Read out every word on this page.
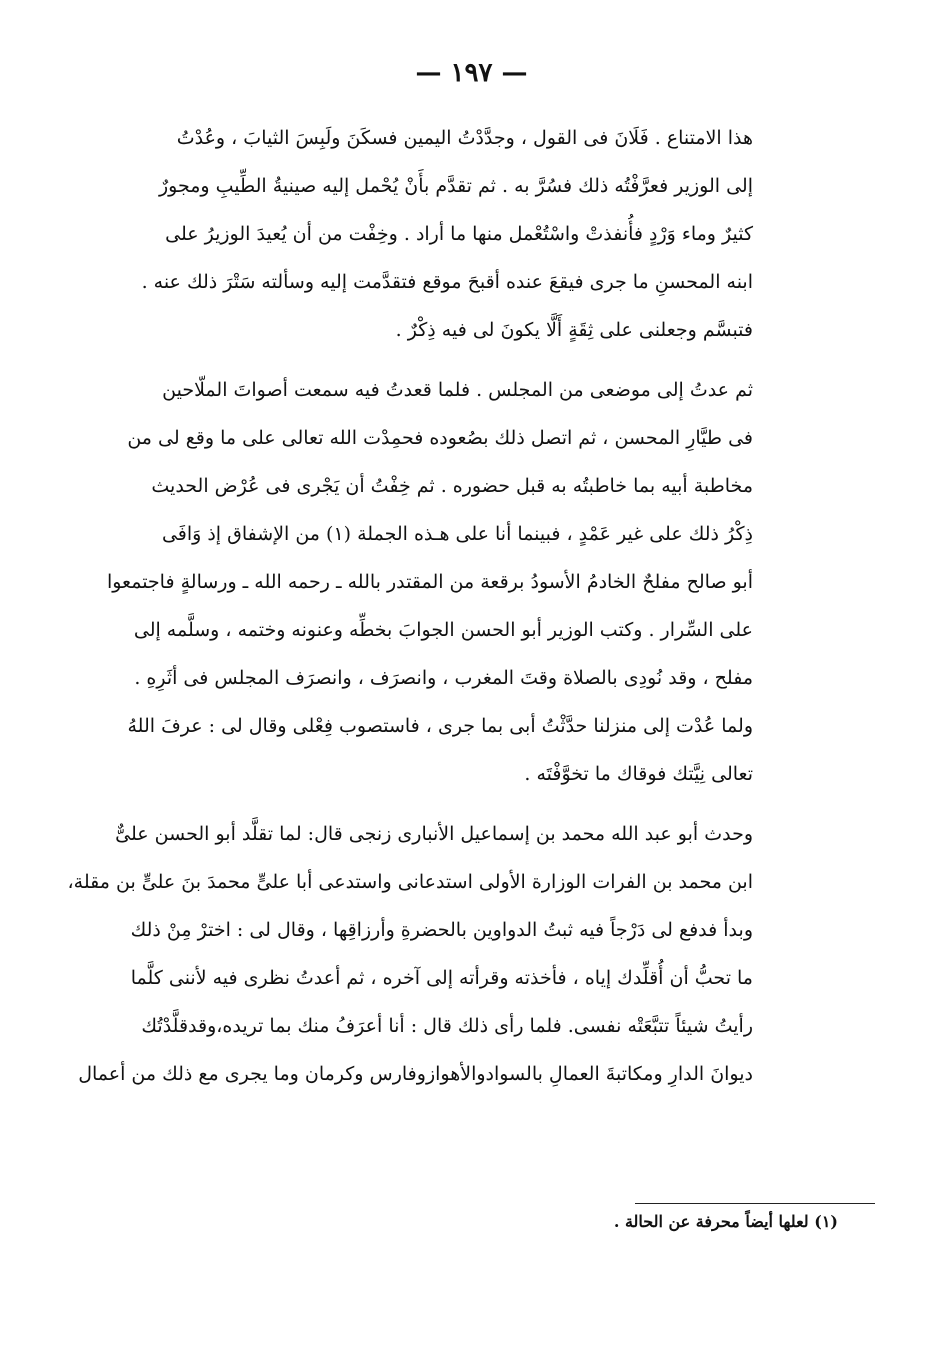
— ١٩٧ —
هذا الامتناع . فَلَانَ فى القول ، وجدَّدْتُ اليمين فسكَنَ ولَبِسَ الثيابَ ، وعُدْتُ
إلى الوزير فعرَّفْتُه ذلك فسُرَّ به . ثم تقدَّم بأَنْ يُحْمل إليه صينيةُ الطِّيبِ ومجورٌ
كثيرٌ وماء وَرْدٍ فأُنفذتْ واسْتُعْمل منها ما أراد . وخِفْت من أن يُعيدَ الوزيرُ على
ابنه المحسنِ ما جرى فيقعَ عنده أقبحَ موقع فتقدَّمت إليه وسألته سَتْرَ ذلك عنه .
فتبسَّم وجعلنى على ثِقَةٍ أَلَّا يكونَ لى فيه ذِكْرٌ .
ثم عدتُ إلى موضعى من المجلس . فلما قعدتُ فيه سمعت أصواتَ الملّاحين
فى طيَّارِ المحسن ، ثم اتصل ذلك بصُعوده فحمِدْت الله تعالى على ما وقع لى من
مخاطبة أبيه بما خاطبتُه به قبل حضوره . ثم خِفْتُ أن يَجْرى فى عُرْض الحديث
ذِكْرُ ذلك على غير عَمْدٍ ، فبينما أنا على هـذه الجملة (١) من الإشفاق إذ وَافَى
أبو صالح مفلحٌ الخادمُ الأسودُ برقعة من المقتدر بالله ـ رحمه الله ـ ورسالةٍ فاجتمعوا
على السِّرار . وكتب الوزير أبو الحسن الجوابَ بخطِّه وعنونه وختمه ، وسلَّمه إلى
مفلح ، وقد نُودِى بالصلاة وقتَ المغرب ، وانصرَف ، وانصرَف المجلس فى أثَرِهِ .
ولما عُدْت إلى منزلنا حدَّثْتُ أبى بما جرى ، فاستصوب فِعْلى وقال لى : عرفَ اللهُ
تعالى نِيَّتك فوقاك ما تخوَّفْتَه .
وحدث أبو عبد الله محمد بن إسماعيل الأنبارى زنجى قال: لما تقلَّد أبو الحسن علىٌّ
ابن محمد بن الفرات الوزارة الأولى استدعانى واستدعى أبا علىٍّ محمدَ بنَ علىٍّ بن مقلة،
وبدأ فدفع لى دَرْجاً فيه ثبتُ الدواوين بالحضرةِ وأرزاقِها ، وقال لى : اخترْ مِنْ ذلك
ما تحبُّ أن أُقلِّدك إياه ، فأخذته وقرأته إلى آخره ، ثم أعدتُ نظرى فيه لأننى كلَّما
رأيتُ شيئاً تتبَّعَتْه نفسى. فلما رأى ذلك قال : أنا أعرَفُ منك بما تريده،وقدقلَّدْتُك
ديوانَ الدارِ ومكاتبةَ العمالِ بالسوادوالأهوازوفارس وكرمان وما يجرى مع ذلك من أعمال
(١) لعلها أيضاً محرفة عن الحالة .
